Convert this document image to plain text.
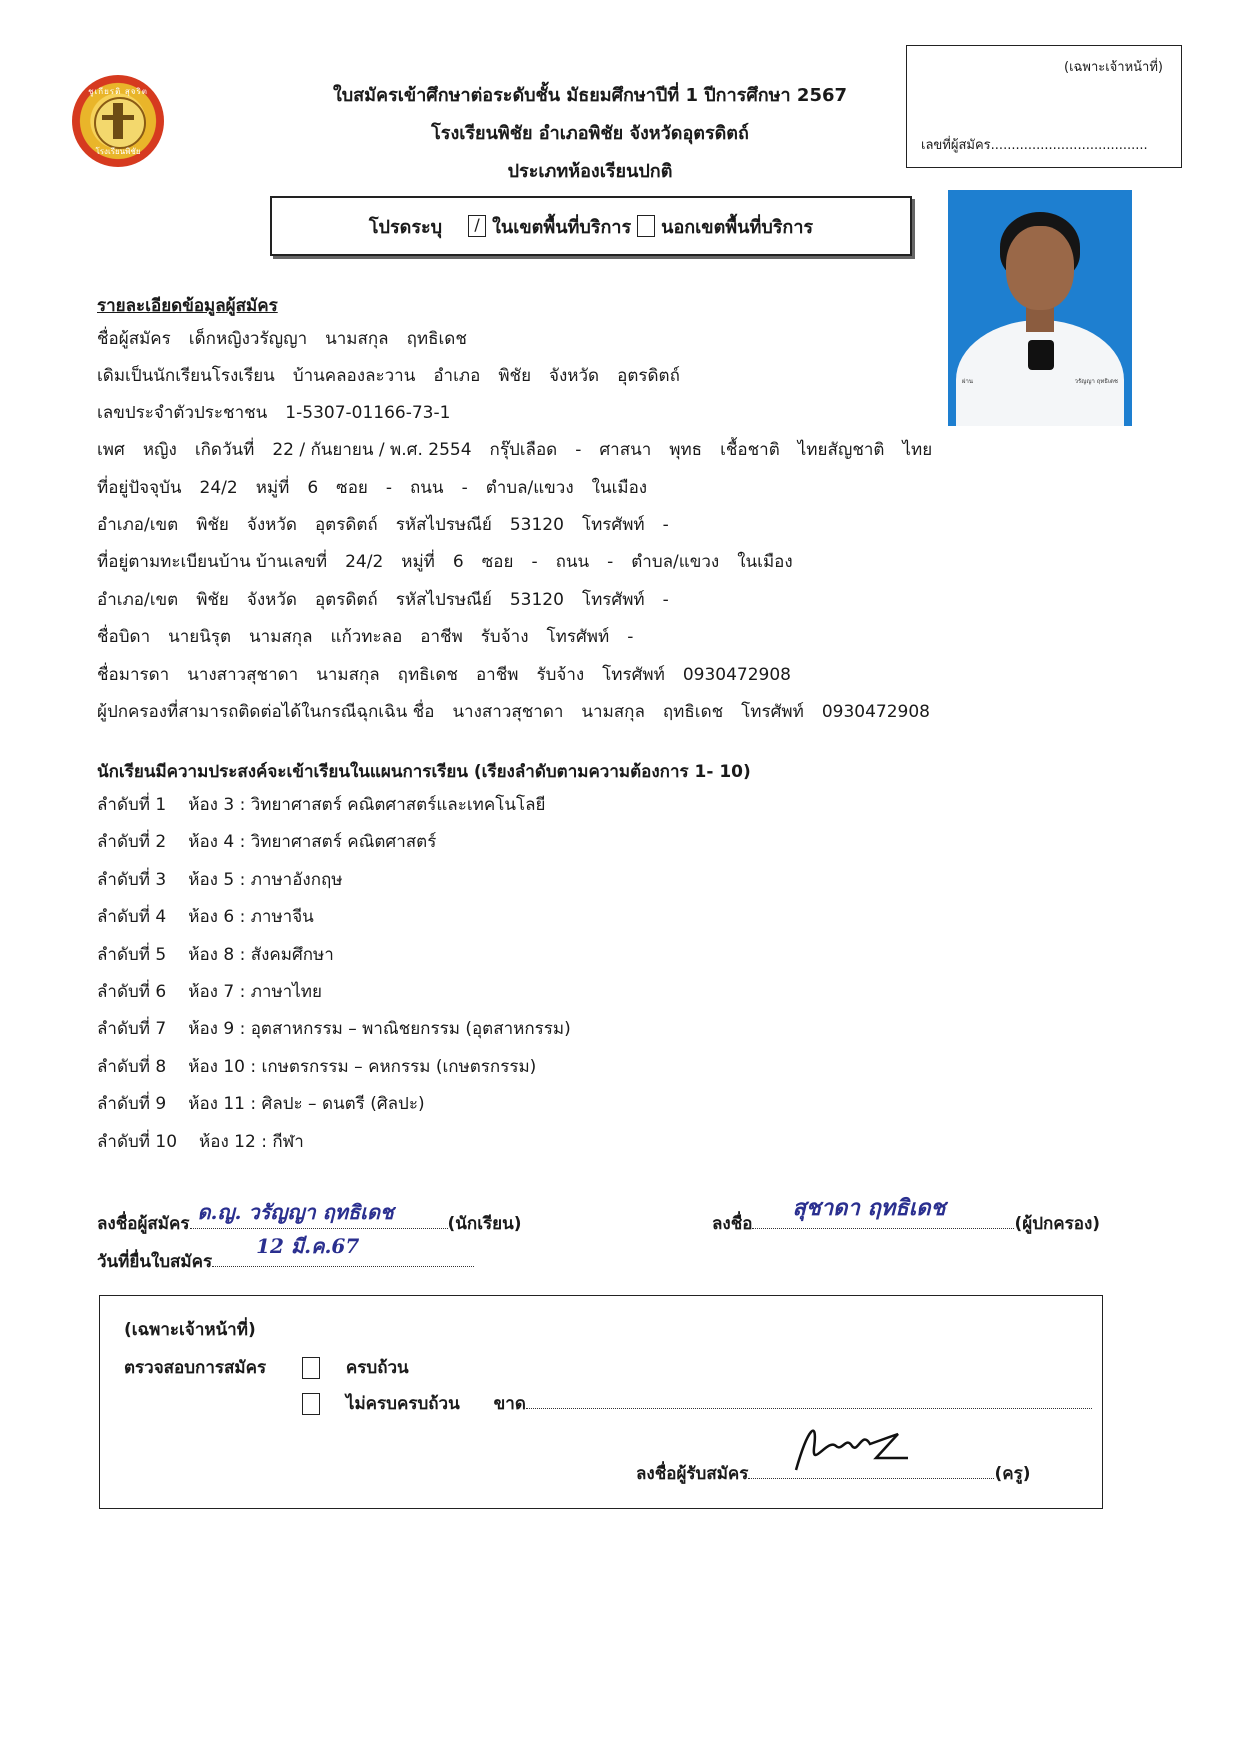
ชูเกียรติ สุจริต
โรงเรียนพิชัย
ใบสมัครเข้าศึกษาต่อระดับชั้น มัธยมศึกษาปีที่ 1 ปีการศึกษา 2567
โรงเรียนพิชัย อำเภอพิชัย จังหวัดอุตรดิตถ์
ประเภทห้องเรียนปกติ
(เฉพาะเจ้าหน้าที่)
เลขที่ผู้สมัคร......................................
โปรดระบุ	/ ในเขตพื้นที่บริการ นอกเขตพื้นที่บริการ
ผ่าน	วรัญญา ฤทธิเดช
รายละเอียดข้อมูลผู้สมัคร
ชื่อผู้สมัคร เด็กหญิงวรัญญา นามสกุล ฤทธิเดช
เดิมเป็นนักเรียนโรงเรียน บ้านคลองละวาน อำเภอ พิชัย จังหวัด อุตรดิตถ์
เลขประจำตัวประชาชน 1-5307-01166-73-1
เพศ หญิง เกิดวันที่ 22 / กันยายน / พ.ศ. 2554 กรุ๊ปเลือด - ศาสนา พุทธ เชื้อชาติ ไทยสัญชาติ ไทย
ที่อยู่ปัจจุบัน 24/2 หมู่ที่ 6 ซอย - ถนน - ตำบล/แขวง ในเมือง
อำเภอ/เขต พิชัย จังหวัด อุตรดิตถ์ รหัสไปรษณีย์ 53120 โทรศัพท์ -
ที่อยู่ตามทะเบียนบ้าน บ้านเลขที่ 24/2 หมู่ที่ 6 ซอย - ถนน - ตำบล/แขวง ในเมือง
อำเภอ/เขต พิชัย จังหวัด อุตรดิตถ์ รหัสไปรษณีย์ 53120 โทรศัพท์ -
ชื่อบิดา นายนิรุต นามสกุล แก้วทะลอ อาชีพ รับจ้าง โทรศัพท์ -
ชื่อมารดา นางสาวสุชาดา นามสกุล ฤทธิเดช อาชีพ รับจ้าง โทรศัพท์ 0930472908
ผู้ปกครองที่สามารถติดต่อได้ในกรณีฉุกเฉิน ชื่อ นางสาวสุชาดา นามสกุล ฤทธิเดช โทรศัพท์ 0930472908
นักเรียนมีความประสงค์จะเข้าเรียนในแผนการเรียน (เรียงลำดับตามความต้องการ 1- 10)
ลำดับที่ 1 ห้อง 3 : วิทยาศาสตร์ คณิตศาสตร์และเทคโนโลยี
ลำดับที่ 2 ห้อง 4 : วิทยาศาสตร์ คณิตศาสตร์
ลำดับที่ 3 ห้อง 5 : ภาษาอังกฤษ
ลำดับที่ 4 ห้อง 6 : ภาษาจีน
ลำดับที่ 5 ห้อง 8 : สังคมศึกษา
ลำดับที่ 6 ห้อง 7 : ภาษาไทย
ลำดับที่ 7 ห้อง 9 : อุตสาหกรรม – พาณิชยกรรม (อุตสาหกรรม)
ลำดับที่ 8 ห้อง 10 : เกษตรกรรม – คหกรรม (เกษตรกรรม)
ลำดับที่ 9 ห้อง 11 : ศิลปะ – ดนตรี (ศิลปะ)
ลำดับที่ 10 ห้อง 12 : กีฬา
ลงชื่อผู้สมัคร ด.ญ. วรัญญา ฤทธิเดช	(นักเรียน)
วันที่ยื่นใบสมัคร
12 มี.ค.67
ลงชื่อ
สุชาดา ฤทธิเดช
(ผู้ปกครอง)
(เฉพาะเจ้าหน้าที่)
ตรวจสอบการสมัคร	ครบถ้วน
ไม่ครบครบถ้วน ขาด
ลงชื่อผู้รับสมัคร	(ครู)
